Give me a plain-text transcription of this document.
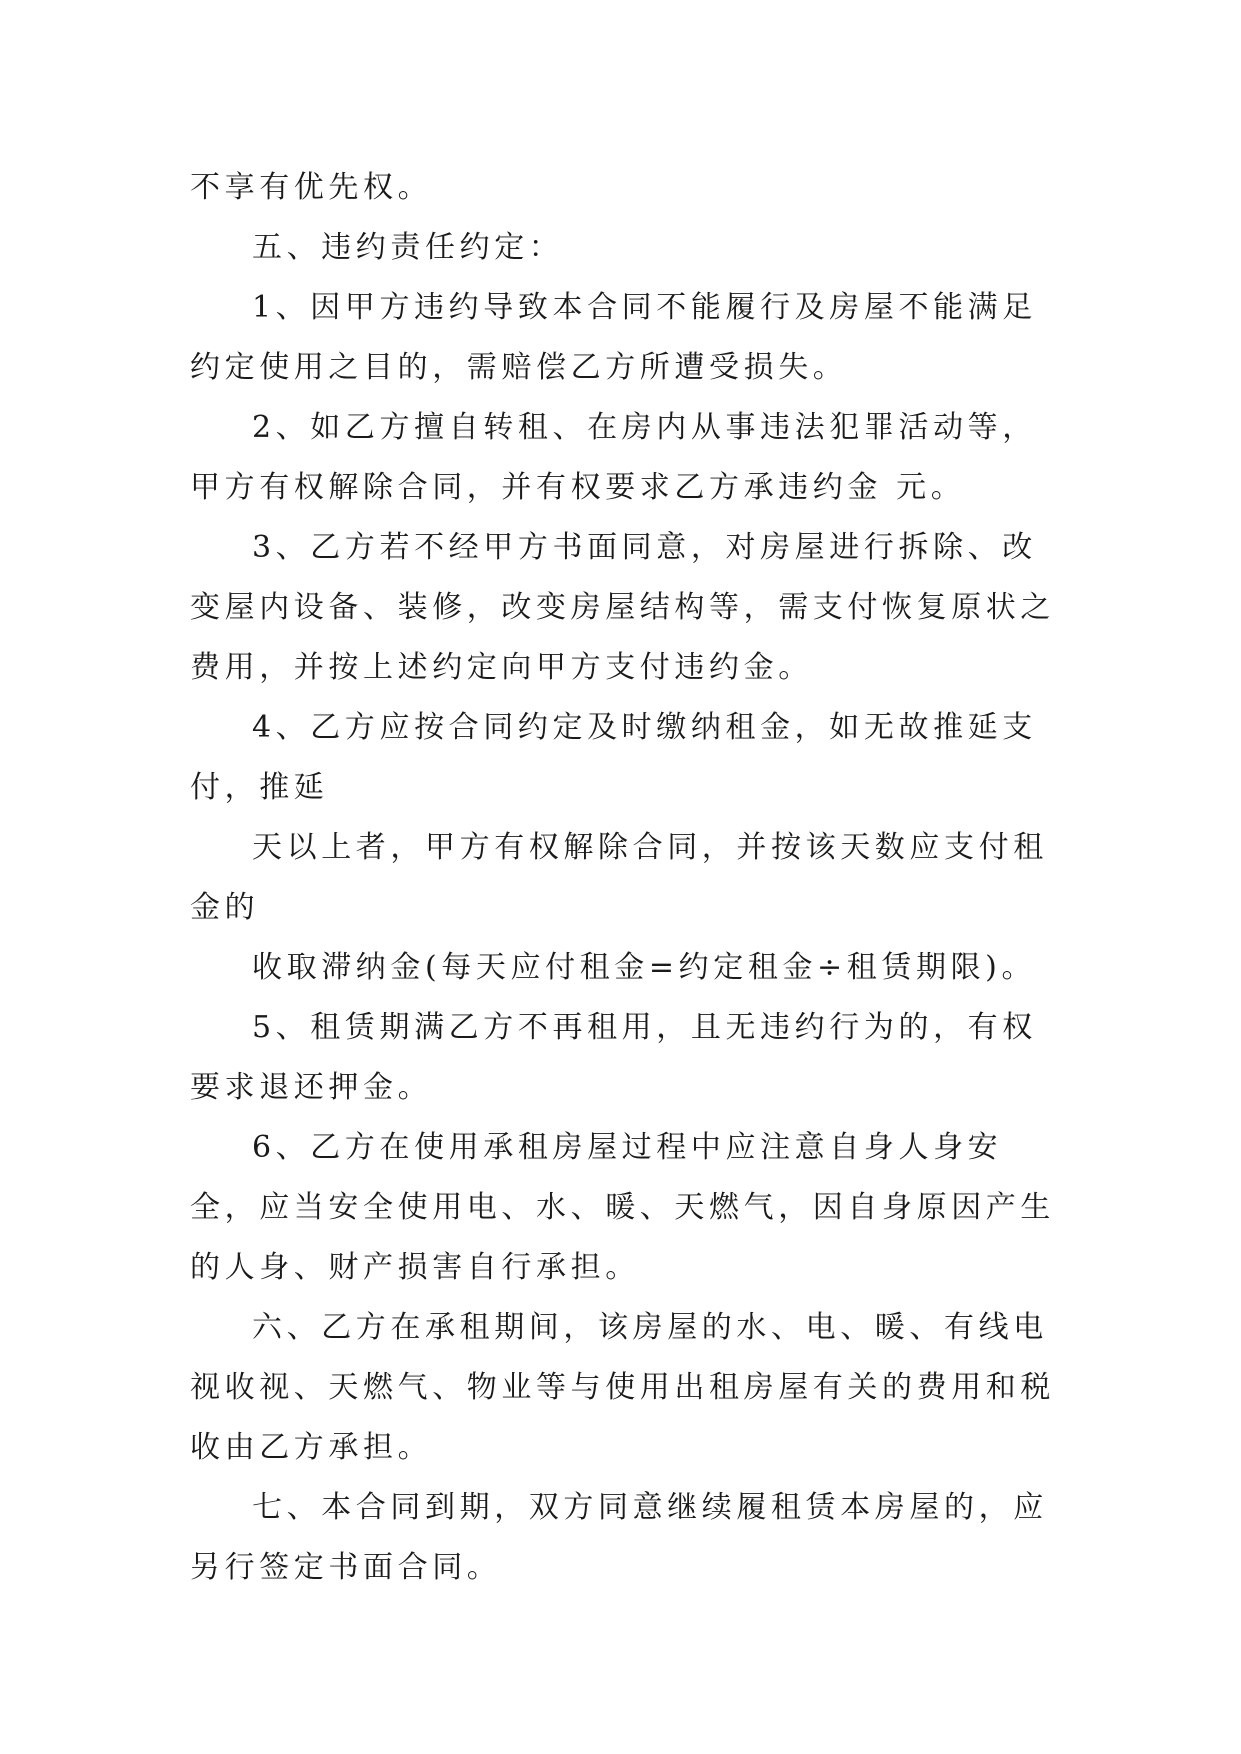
不享有优先权。

五、违约责任约定：

1、因甲方违约导致本合同不能履行及房屋不能满足约定使用之目的，需赔偿乙方所遭受损失。

2、如乙方擅自转租、在房内从事违法犯罪活动等，甲方有权解除合同，并有权要求乙方承违约金 元。

3、乙方若不经甲方书面同意，对房屋进行拆除、改变屋内设备、装修，改变房屋结构等，需支付恢复原状之费用，并按上述约定向甲方支付违约金。

4、乙方应按合同约定及时缴纳租金，如无故推延支付，推延

天以上者，甲方有权解除合同，并按该天数应支付租金的

收取滞纳金(每天应付租金=约定租金÷租赁期限)。

5、租赁期满乙方不再租用，且无违约行为的，有权要求退还押金。

6、乙方在使用承租房屋过程中应注意自身人身安全，应当安全使用电、水、暖、天燃气，因自身原因产生的人身、财产损害自行承担。

六、乙方在承租期间，该房屋的水、电、暖、有线电视收视、天燃气、物业等与使用出租房屋有关的费用和税收由乙方承担。

七、本合同到期，双方同意继续履租赁本房屋的，应另行签定书面合同。
